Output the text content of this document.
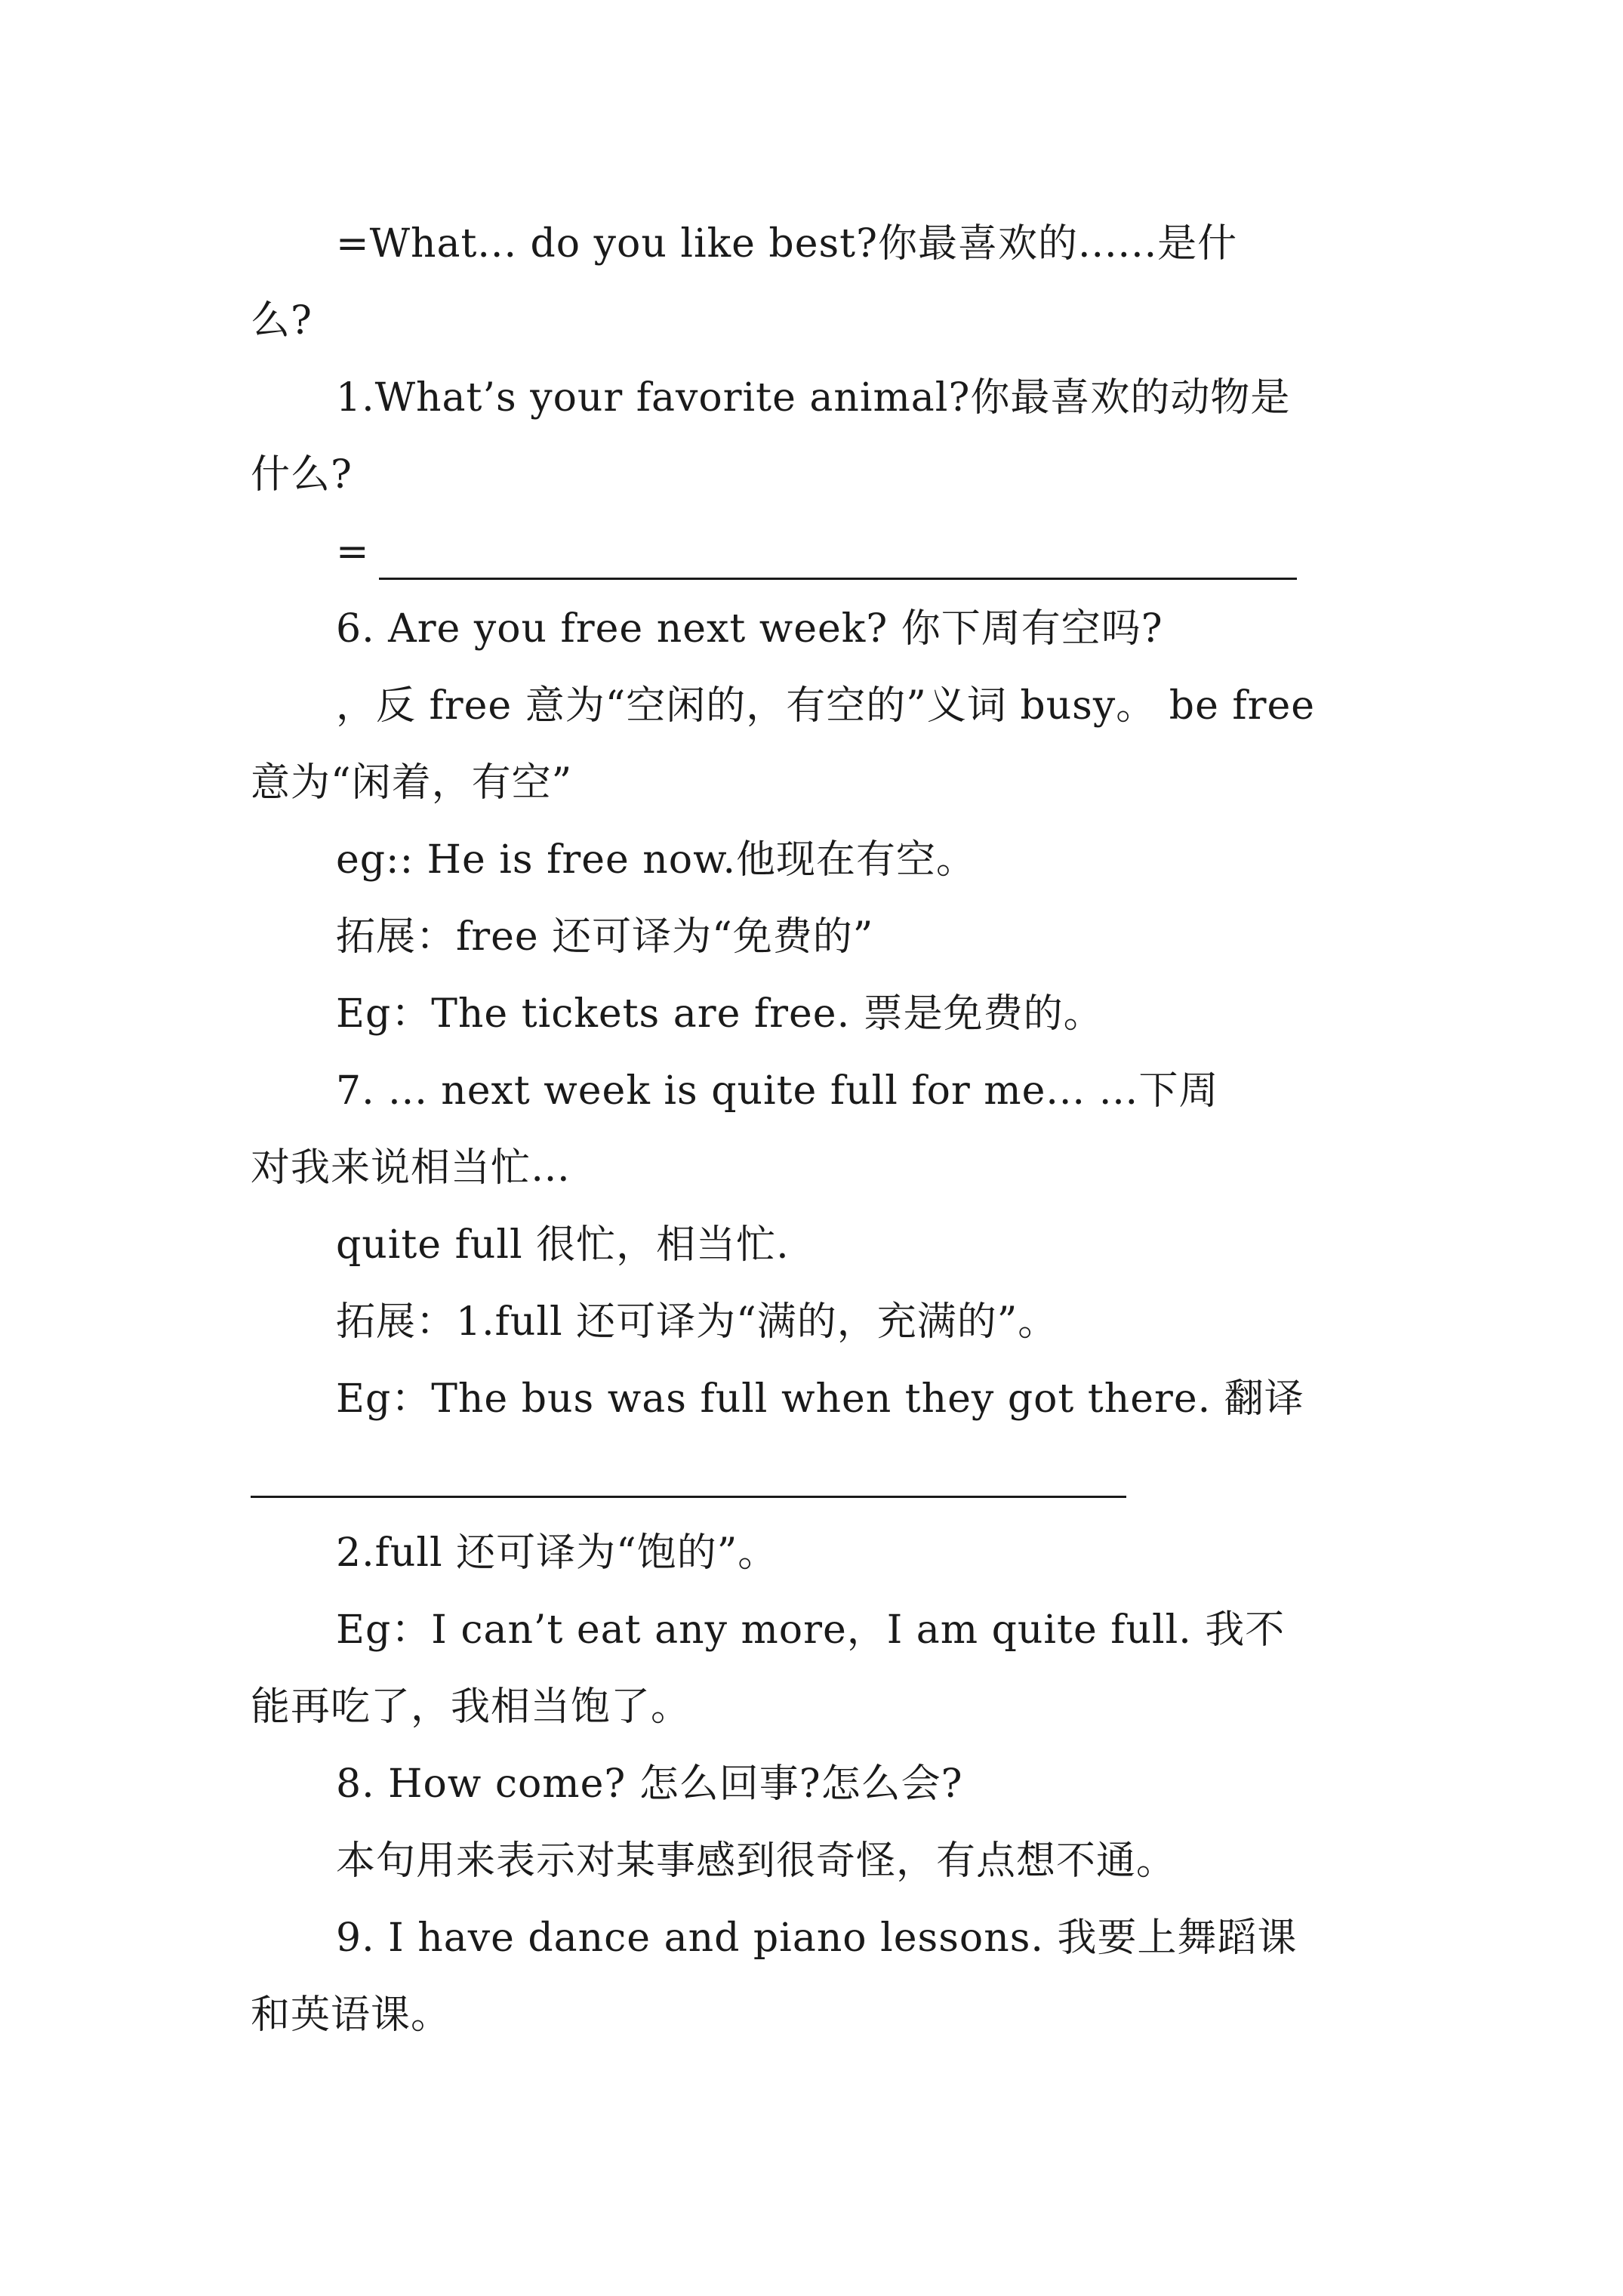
=What... do you like best?你最喜欢的......是什
么?
1.What’s your favorite animal?你最喜欢的动物是
什么?
=
6. Are you free next week? 你下周有空吗?
，反 free 意为“空闲的，有空的”义词 busy。 be free
意为“闲着，有空”
eg:: He is free now.他现在有空。
拓展：free 还可译为“免费的”
Eg：The tickets are free. 票是免费的。
7. ... next week is quite full for me... …下周
对我来说相当忙…
quite full 很忙，相当忙.
拓展：1.full 还可译为“满的，充满的”。
Eg：The bus was full when they got there. 翻译
2.full 还可译为“饱的”。
Eg：I can’t eat any more，I am quite full. 我不
能再吃了，我相当饱了。
8. How come? 怎么回事?怎么会?
本句用来表示对某事感到很奇怪，有点想不通。
9. I have dance and piano lessons. 我要上舞蹈课
和英语课。
